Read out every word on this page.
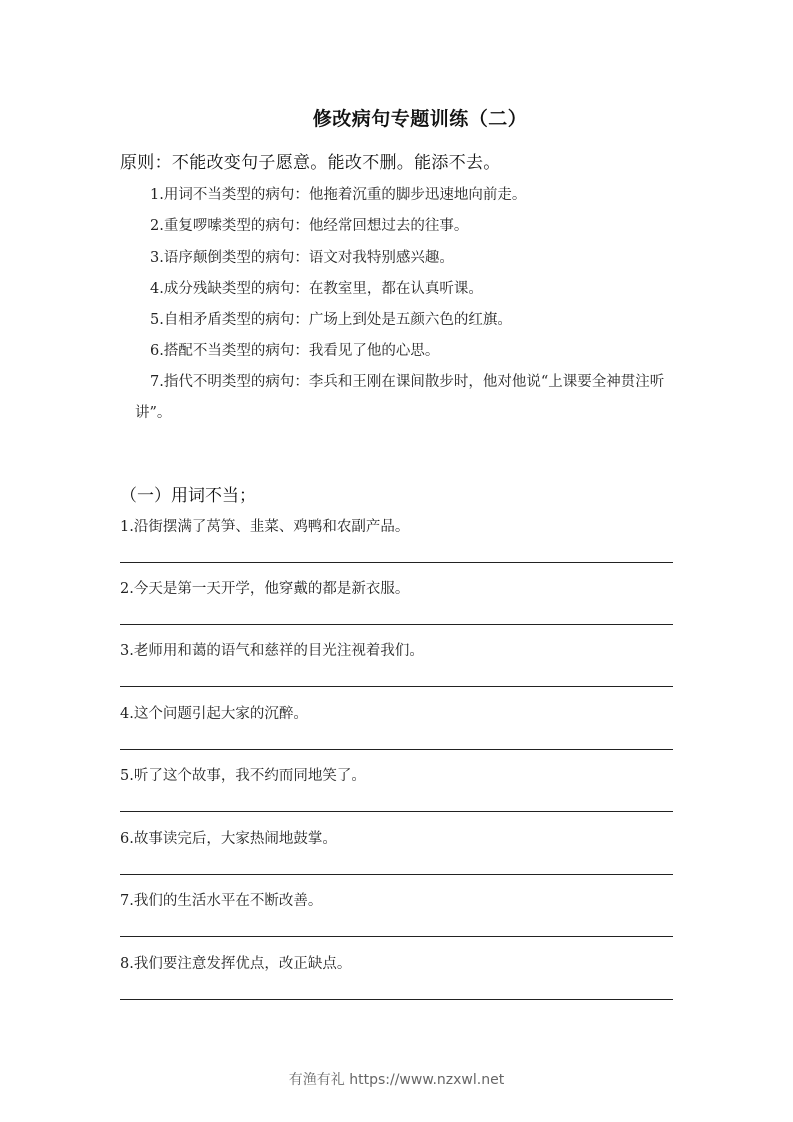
修改病句专题训练（二）
原则：不能改变句子愿意。能改不删。能添不去。
1.用词不当类型的病句：他拖着沉重的脚步迅速地向前走。
2.重复啰嗦类型的病句：他经常回想过去的往事。
3.语序颠倒类型的病句：语文对我特别感兴趣。
4.成分残缺类型的病句：在教室里，都在认真听课。
5.自相矛盾类型的病句：广场上到处是五颜六色的红旗。
6.搭配不当类型的病句：我看见了他的心思。
7.指代不明类型的病句：李兵和王刚在课间散步时，他对他说“上课要全神贯注听讲”。
（一）用词不当；
1.沿街摆满了莴笋、韭菜、鸡鸭和农副产品。
2.今天是第一天开学，他穿戴的都是新衣服。
3.老师用和蔼的语气和慈祥的目光注视着我们。
4.这个问题引起大家的沉醉。
5.听了这个故事，我不约而同地笑了。
6.故事读完后，大家热闹地鼓掌。
7.我们的生活水平在不断改善。
8.我们要注意发挥优点，改正缺点。
有渔有礼 https://www.nzxwl.net
